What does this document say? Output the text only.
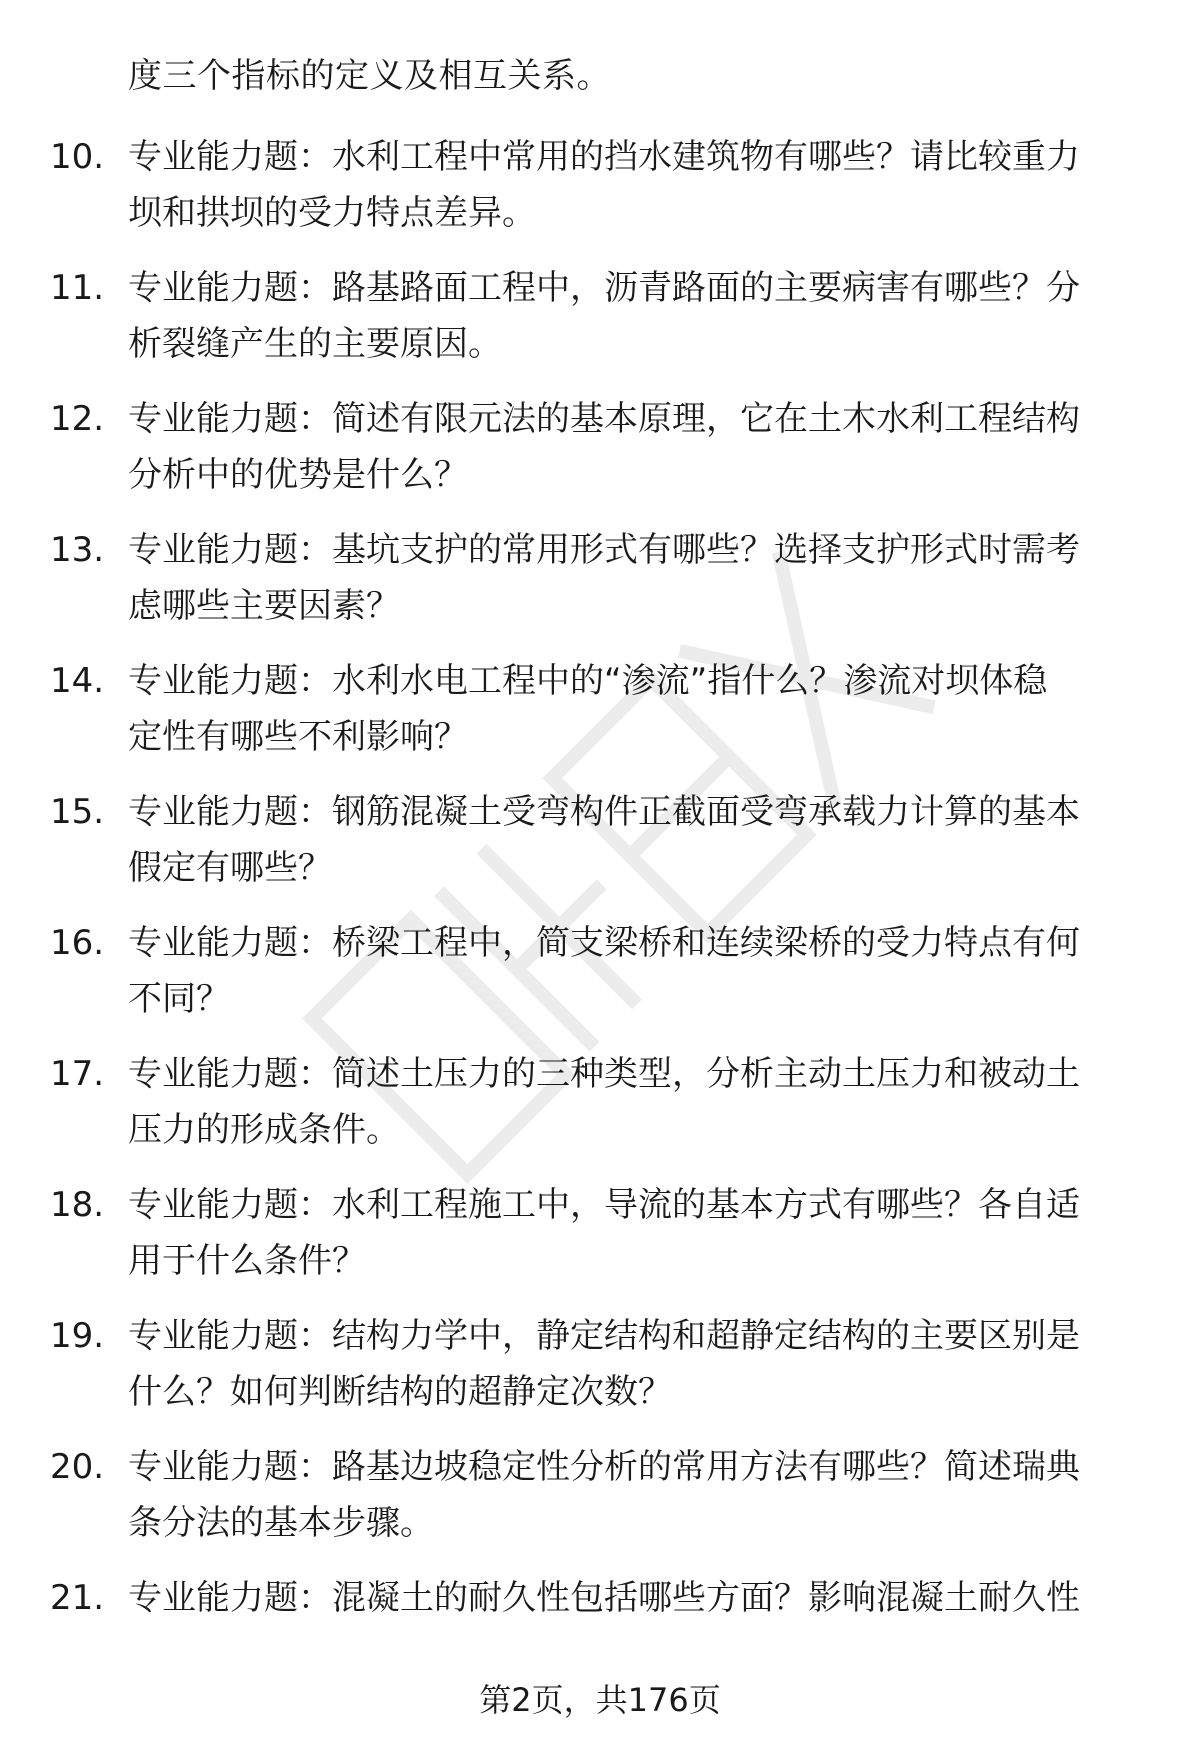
度三个指标的定义及相互关系。
10. 专业能力题：水利工程中常用的挡水建筑物有哪些？请比较重力
坝和拱坝的受力特点差异。
11. 专业能力题：路基路面工程中，沥青路面的主要病害有哪些？分
析裂缝产生的主要原因。
12. 专业能力题：简述有限元法的基本原理，它在土木水利工程结构
分析中的优势是什么？
13. 专业能力题：基坑支护的常用形式有哪些？选择支护形式时需考
虑哪些主要因素？
14. 专业能力题：水利水电工程中的“渗流”指什么？渗流对坝体稳
定性有哪些不利影响？
15. 专业能力题：钢筋混凝土受弯构件正截面受弯承载力计算的基本
假定有哪些？
16. 专业能力题：桥梁工程中，简支梁桥和连续梁桥的受力特点有何
不同？
17. 专业能力题：简述土压力的三种类型，分析主动土压力和被动土
压力的形成条件。
18. 专业能力题：水利工程施工中，导流的基本方式有哪些？各自适
用于什么条件？
19. 专业能力题：结构力学中，静定结构和超静定结构的主要区别是
什么？如何判断结构的超静定次数？
20. 专业能力题：路基边坡稳定性分析的常用方法有哪些？简述瑞典
条分法的基本步骤。
21. 专业能力题：混凝土的耐久性包括哪些方面？影响混凝土耐久性
第2页，共176页
